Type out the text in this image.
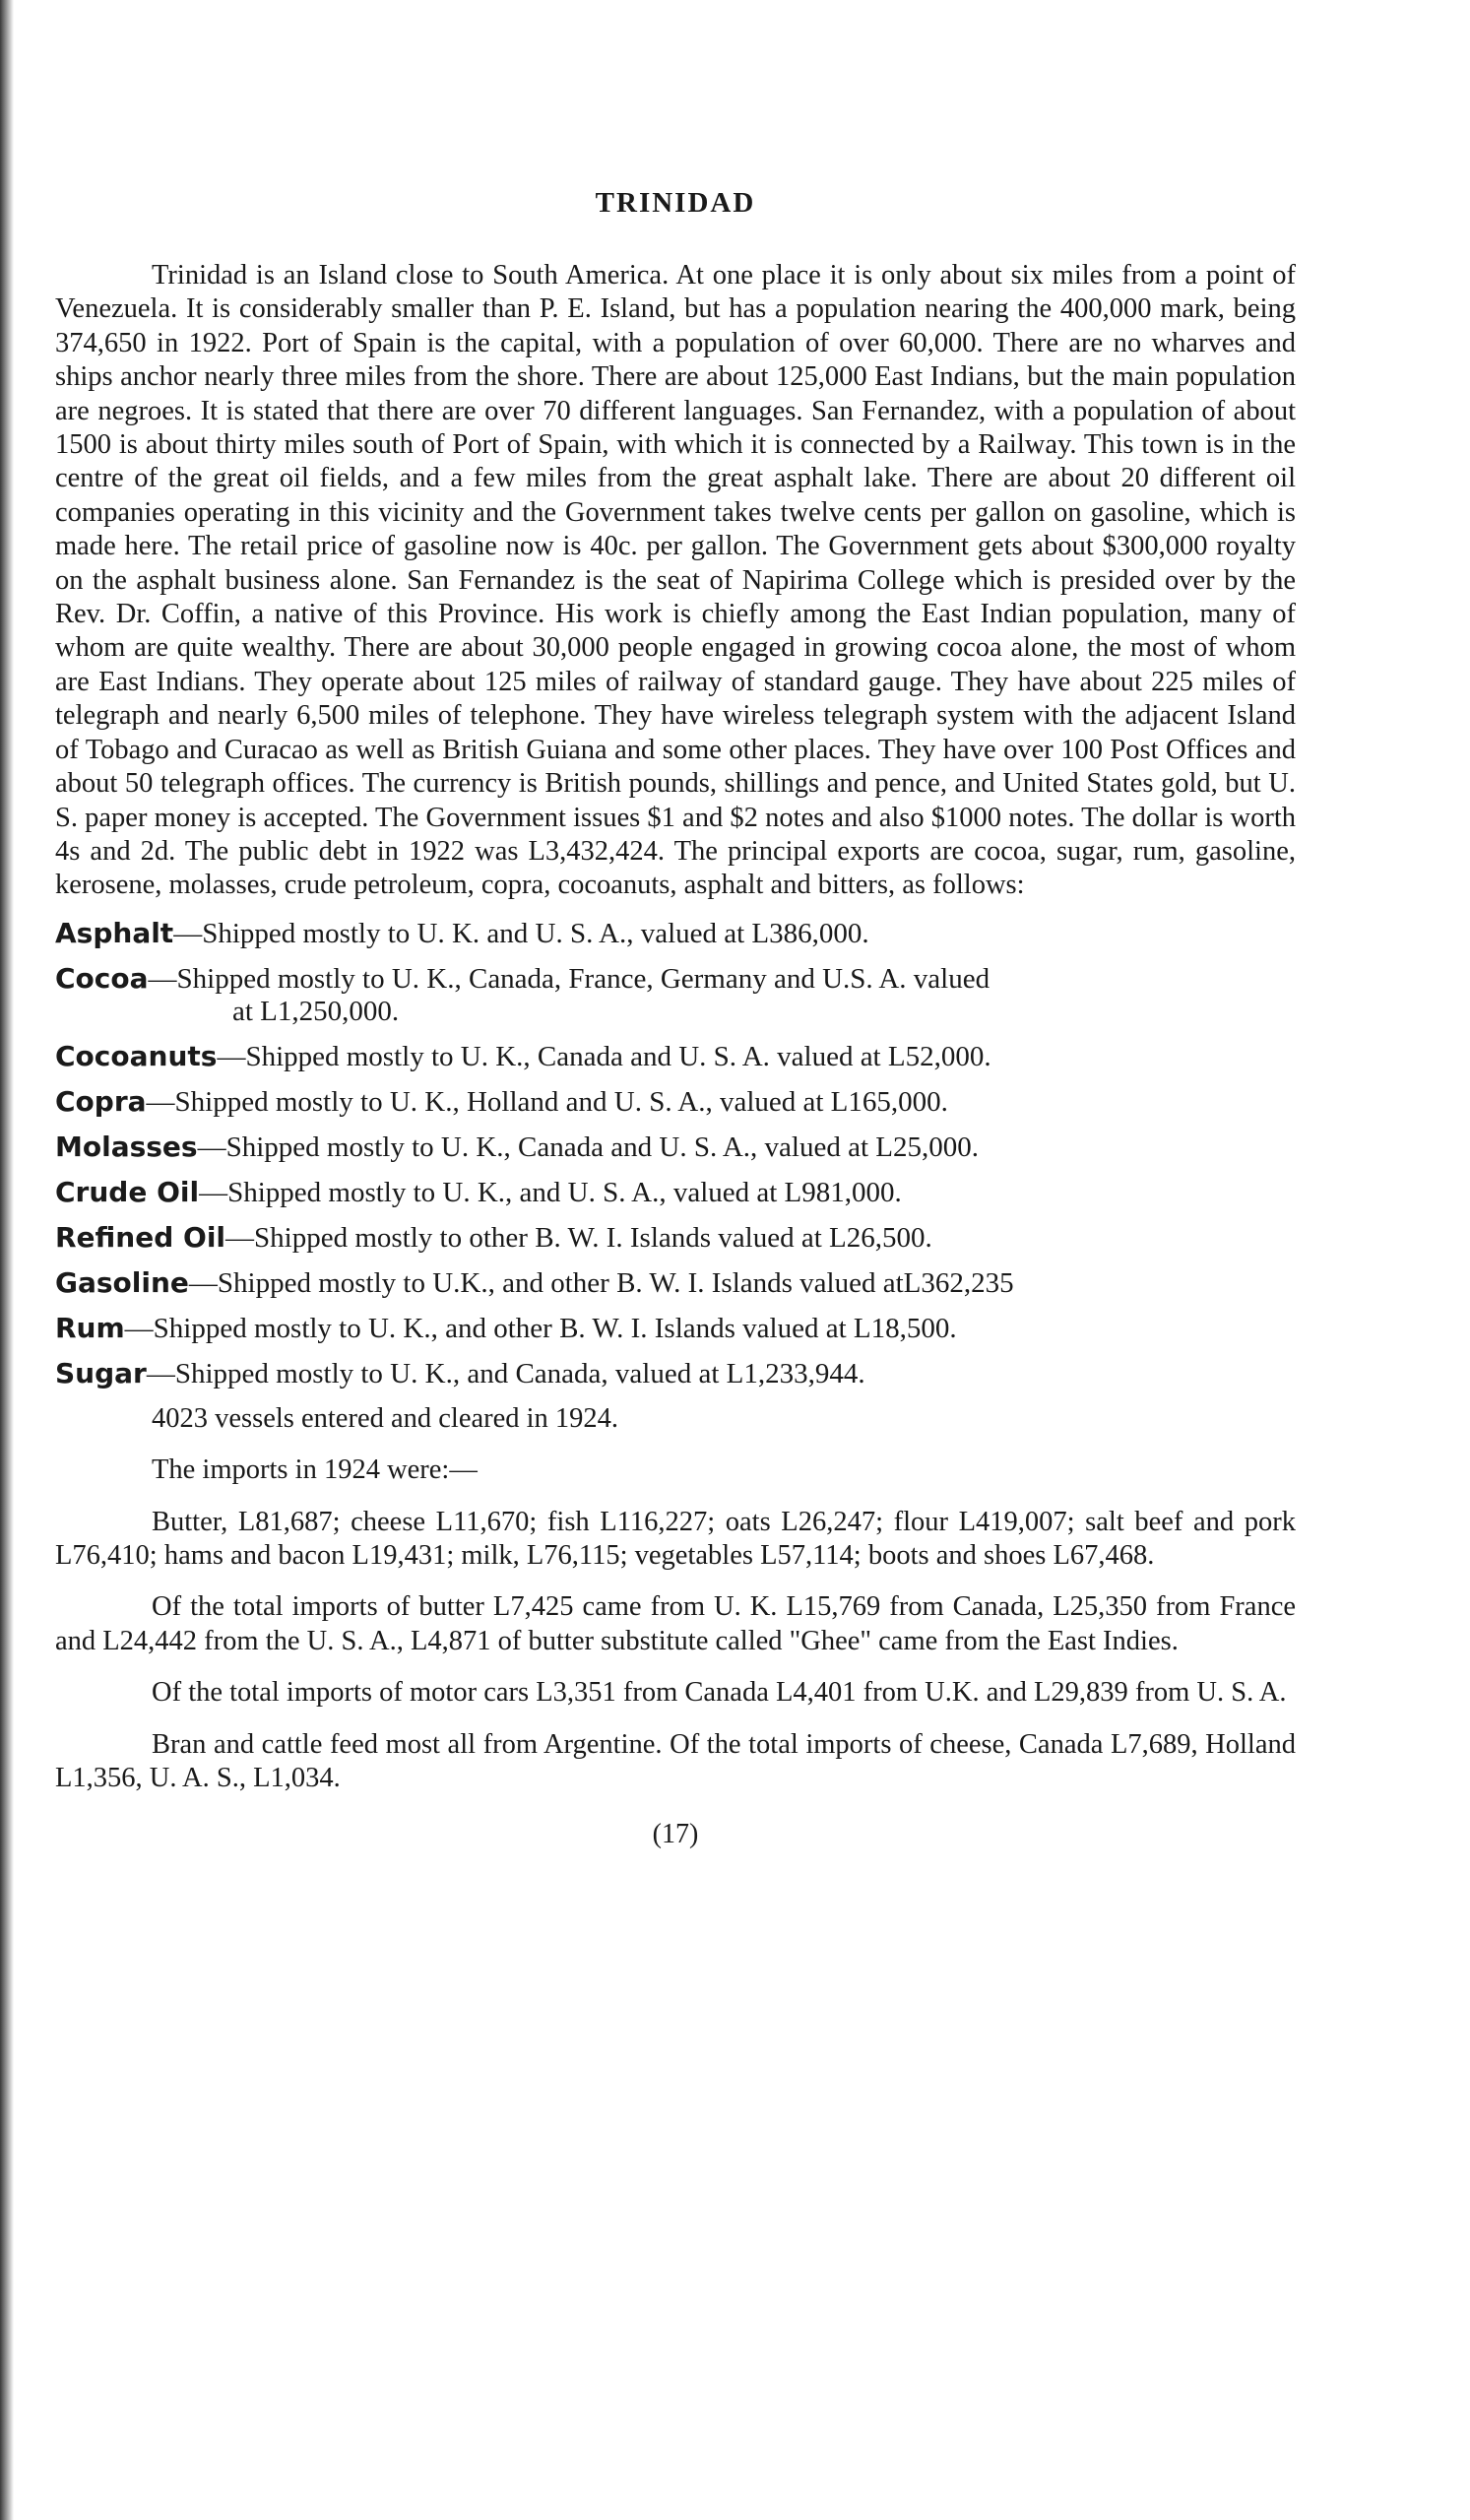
TRINIDAD

Trinidad is an Island close to South America. At one place it is only about six miles from a point of Venezuela. It is considerably smaller than P. E. Island, but has a population nearing the 400,000 mark, being 374,650 in 1922. Port of Spain is the capital, with a population of over 60,000. There are no wharves and ships anchor nearly three miles from the shore. There are about 125,000 East Indians, but the main population are negroes. It is stated that there are over 70 different languages. San Fernandez, with a population of about 1500 is about thirty miles south of Port of Spain, with which it is connected by a Railway. This town is in the centre of the great oil fields, and a few miles from the great asphalt lake. There are about 20 different oil companies operating in this vicinity and the Government takes twelve cents per gallon on gasoline, which is made here. The retail price of gasoline now is 40c. per gallon. The Government gets about $300,000 royalty on the asphalt business alone. San Fernandez is the seat of Napirima College which is presided over by the Rev. Dr. Coffin, a native of this Province. His work is chiefly among the East Indian population, many of whom are quite wealthy. There are about 30,000 people engaged in growing cocoa alone, the most of whom are East Indians. They operate about 125 miles of railway of standard gauge. They have about 225 miles of telegraph and nearly 6,500 miles of telephone. They have wireless telegraph system with the adjacent Island of Tobago and Curacao as well as British Guiana and some other places. They have over 100 Post Offices and about 50 telegraph offices. The currency is British pounds, shillings and pence, and United States gold, but U. S. paper money is accepted. The Government issues $1 and $2 notes and also $1000 notes. The dollar is worth 4s and 2d. The public debt in 1922 was L3,432,424. The principal exports are cocoa, sugar, rum, gasoline, kerosene, molasses, crude petroleum, copra, cocoanuts, asphalt and bitters, as follows:

Asphalt—Shipped mostly to U. K. and U. S. A., valued at L386,000.
Cocoa—Shipped mostly to U. K., Canada, France, Germany and U.S. A. valued
at L1,250,000.
Cocoanuts—Shipped mostly to U. K., Canada and U. S. A. valued at L52,000.
Copra—Shipped mostly to U. K., Holland and U. S. A., valued at L165,000.
Molasses—Shipped mostly to U. K., Canada and U. S. A., valued at L25,000.
Crude Oil—Shipped mostly to U. K., and U. S. A., valued at L981,000.
Refined Oil—Shipped mostly to other B. W. I. Islands valued at L26,500.
Gasoline—Shipped mostly to U.K., and other B. W. I. Islands valued atL362,235
Rum—Shipped mostly to U. K., and other B. W. I. Islands valued at L18,500.
Sugar—Shipped mostly to U. K., and Canada, valued at L1,233,944.

4023 vessels entered and cleared in 1924.

The imports in 1924 were:—

Butter, L81,687; cheese L11,670; fish L116,227; oats L26,247; flour L419,007; salt beef and pork L76,410; hams and bacon L19,431; milk, L76,115; vegetables L57,114; boots and shoes L67,468.

Of the total imports of butter L7,425 came from U. K. L15,769 from Canada, L25,350 from France and L24,442 from the U. S. A., L4,871 of butter substitute called "Ghee" came from the East Indies.

Of the total imports of motor cars L3,351 from Canada L4,401 from U.K. and L29,839 from U. S. A.

Bran and cattle feed most all from Argentine. Of the total imports of cheese, Canada L7,689, Holland L1,356, U. A. S., L1,034.

(17)
